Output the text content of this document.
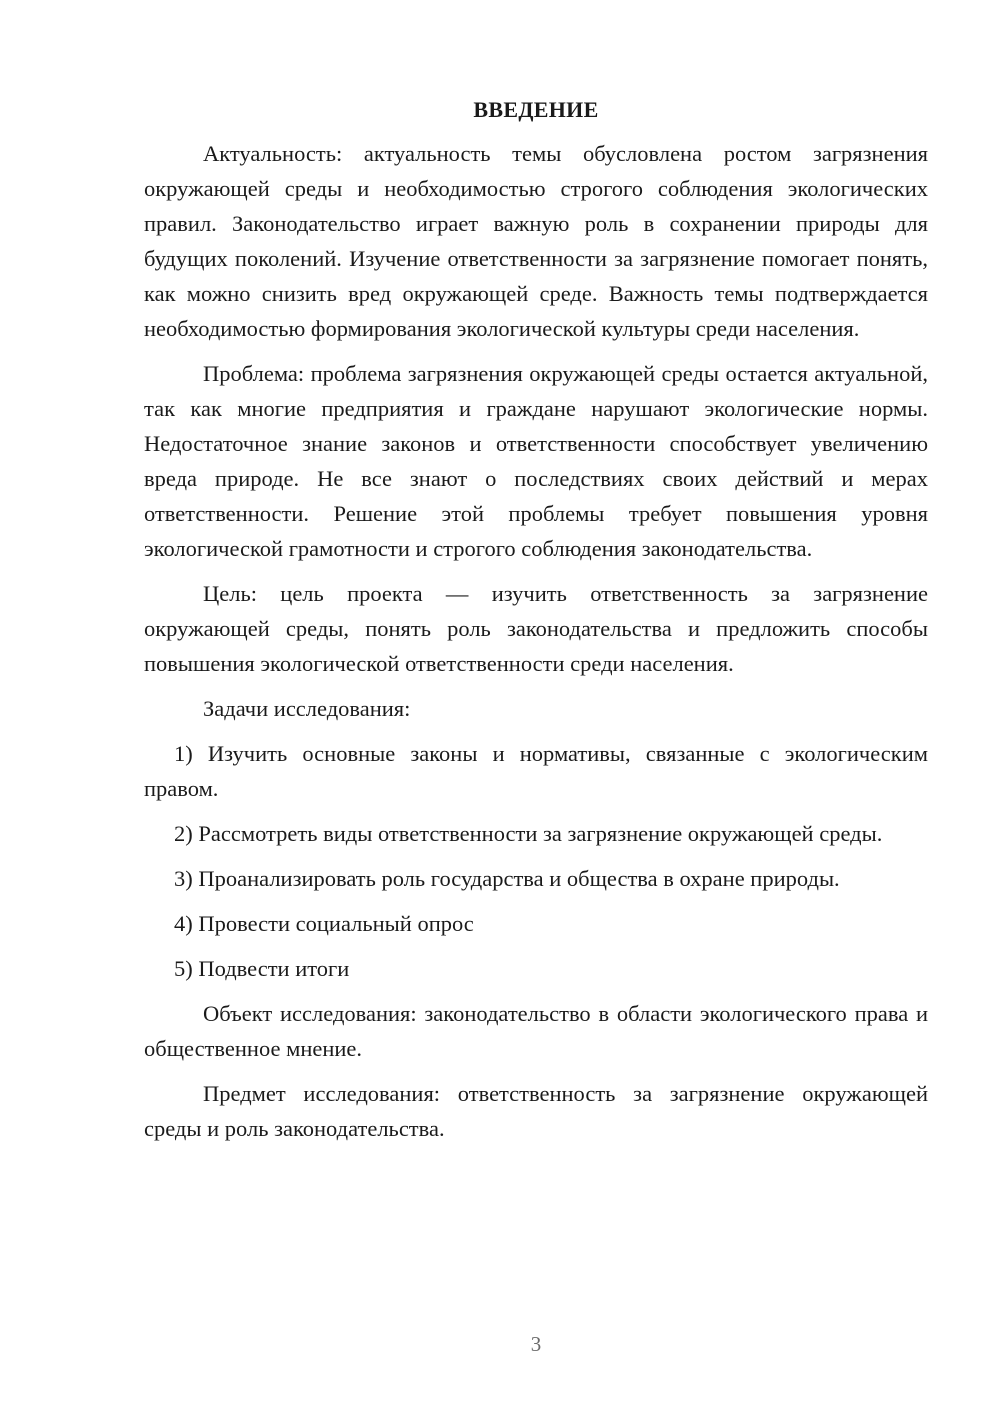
ВВЕДЕНИЕ

Актуальность: актуальность темы обусловлена ростом загрязнения окружающей среды и необходимостью строгого соблюдения экологических правил. Законодательство играет важную роль в сохранении природы для будущих поколений. Изучение ответственности за загрязнение помогает понять, как можно снизить вред окружающей среде. Важность темы подтверждается необходимостью формирования экологической культуры среди населения.

Проблема: проблема загрязнения окружающей среды остается актуальной, так как многие предприятия и граждане нарушают экологические нормы. Недостаточное знание законов и ответственности способствует увеличению вреда природе. Не все знают о последствиях своих действий и мерах ответственности. Решение этой проблемы требует повышения уровня экологической грамотности и строгого соблюдения законодательства.

Цель: цель проекта — изучить ответственность за загрязнение окружающей среды, понять роль законодательства и предложить способы повышения экологической ответственности среди населения.

Задачи исследования:

1) Изучить основные законы и нормативы, связанные с экологическим правом.

2) Рассмотреть виды ответственности за загрязнение окружающей среды.

3) Проанализировать роль государства и общества в охране природы.

4) Провести социальный опрос

5) Подвести итоги

Объект исследования: законодательство в области экологического права и общественное мнение.

Предмет исследования: ответственность за загрязнение окружающей среды и роль законодательства.

3
